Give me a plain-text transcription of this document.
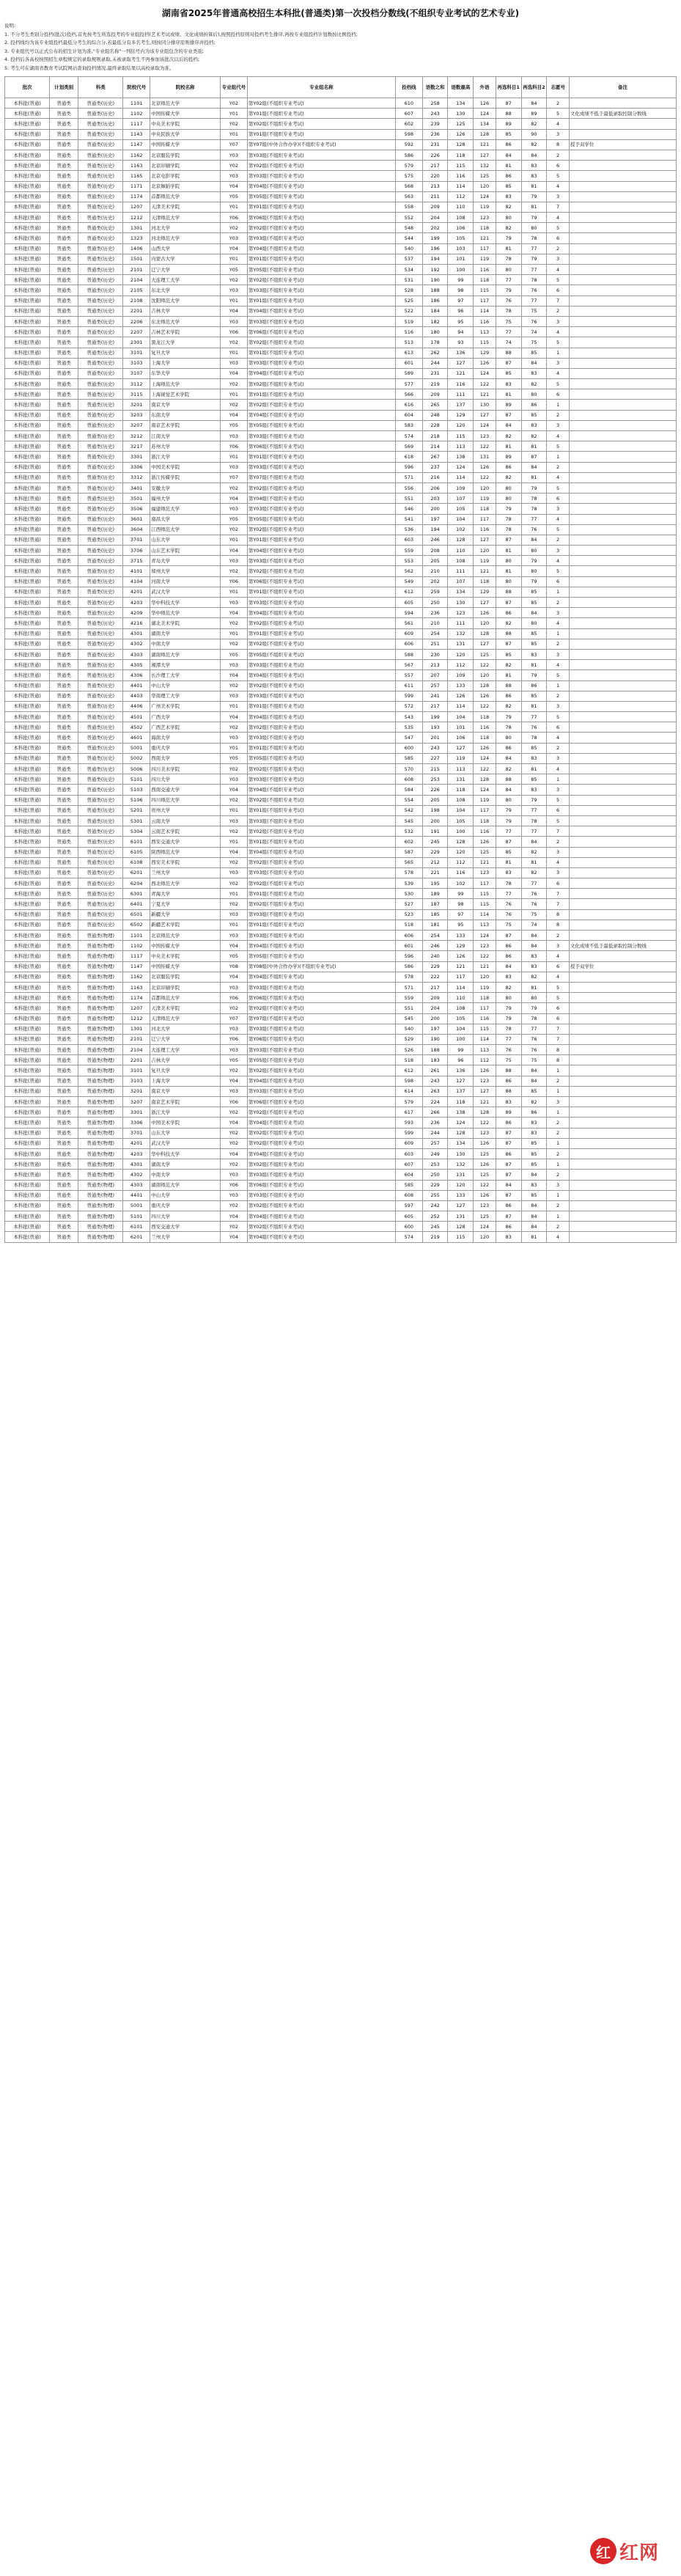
湖南省2025年普通高校招生本科批(普通类)第一次投档分数线(不组织专业考试的艺术专业)
说明：
1. 不分考生类别分投档(批次)投档,首先按考生所选投考的专业组投档(艺术考试成绩、文化成绩折算后),按照投档原则对投档考生排序,再按专业组投档计划数按比例投档;
2. 投档线均为该专业组投档最低分考生的综合分,若最低分有多名考生,则按同分排序原则排序并投档;
3. 专业组代号以正式公布的招生计划为准,"专业组名称"一列括号内为该专业组包含的专业类别;
4. 投档后各高校按照招生章程规定的录取规则录取,未被录取考生不再参加该批次以后的投档;
5. 考生可在湖南省教育考试院网站查询投档情况,最终录取结果以高校录取为准。
批次	计划类别	科类	院校代号	院校名称	专业组代号	专业组名称	投档线	语数之和	语数最高	外语	再选科目1	再选科目2	志愿号	备注
本科批(普通)	普通类	普通类(历史)	1101	北京师范大学	Y02	第Y02组(不组织专业考试)	610	258	134	126	87	84	2	
本科批(普通)	普通类	普通类(历史)	1102	中国传媒大学	Y01	第Y01组(不组织专业考试)	607	243	130	124	88	89	5	文化成绩不低于最低录取控制分数线
本科批(普通)	普通类	普通类(历史)	1117	中央美术学院	Y02	第Y02组(不组织专业考试)	602	239	125	134	89	82	4	
本科批(普通)	普通类	普通类(历史)	1143	中央民族大学	Y01	第Y01组(不组织专业考试)	598	236	126	128	85	90	3	
本科批(普通)	普通类	普通类(历史)	1147	中国传媒大学	Y07	第Y07组(中外合作办学)(不组织专业考试)	592	231	128	121	86	82	8	授予双学位
本科批(普通)	普通类	普通类(历史)	1162	北京服装学院	Y03	第Y03组(不组织专业考试)	586	226	118	127	84	84	2	
本科批(普通)	普通类	普通类(历史)	1163	北京印刷学院	Y02	第Y02组(不组织专业考试)	579	217	115	132	81	83	6	
本科批(普通)	普通类	普通类(历史)	1165	北京电影学院	Y03	第Y03组(不组织专业考试)	575	220	116	125	86	83	5	
本科批(普通)	普通类	普通类(历史)	1171	北京舞蹈学院	Y04	第Y04组(不组织专业考试)	568	213	114	120	85	81	4	
本科批(普通)	普通类	普通类(历史)	1174	首都师范大学	Y05	第Y05组(不组织专业考试)	563	211	112	124	83	79	3	
本科批(普通)	普通类	普通类(历史)	1207	天津美术学院	Y01	第Y01组(不组织专业考试)	558	209	110	119	82	81	7	
本科批(普通)	普通类	普通类(历史)	1212	天津师范大学	Y06	第Y06组(不组织专业考试)	552	204	108	123	80	79	4	
本科批(普通)	普通类	普通类(历史)	1301	河北大学	Y02	第Y02组(不组织专业考试)	548	202	106	118	82	80	5	
本科批(普通)	普通类	普通类(历史)	1323	河北师范大学	Y03	第Y03组(不组织专业考试)	544	199	105	121	79	78	6	
本科批(普通)	普通类	普通类(历史)	1406	山西大学	Y04	第Y04组(不组织专业考试)	540	196	103	117	81	77	2	
本科批(普通)	普通类	普通类(历史)	1501	内蒙古大学	Y01	第Y01组(不组织专业考试)	537	194	101	119	78	79	3	
本科批(普通)	普通类	普通类(历史)	2101	辽宁大学	Y05	第Y05组(不组织专业考试)	534	192	100	116	80	77	4	
本科批(普通)	普通类	普通类(历史)	2104	大连理工大学	Y02	第Y02组(不组织专业考试)	531	190	99	118	77	78	5	
本科批(普通)	普通类	普通类(历史)	2105	东北大学	Y03	第Y03组(不组织专业考试)	528	188	98	115	79	76	6	
本科批(普通)	普通类	普通类(历史)	2108	沈阳师范大学	Y01	第Y01组(不组织专业考试)	525	186	97	117	76	77	7	
本科批(普通)	普通类	普通类(历史)	2201	吉林大学	Y04	第Y04组(不组织专业考试)	522	184	96	114	78	75	2	
本科批(普通)	普通类	普通类(历史)	2206	东北师范大学	Y03	第Y03组(不组织专业考试)	519	182	95	116	75	76	3	
本科批(普通)	普通类	普通类(历史)	2207	吉林艺术学院	Y06	第Y06组(不组织专业考试)	516	180	94	113	77	74	4	
本科批(普通)	普通类	普通类(历史)	2301	黑龙江大学	Y02	第Y02组(不组织专业考试)	513	178	93	115	74	75	5	
本科批(普通)	普通类	普通类(历史)	3101	复旦大学	Y01	第Y01组(不组织专业考试)	613	262	136	129	88	85	1	
本科批(普通)	普通类	普通类(历史)	3103	上海大学	Y03	第Y03组(不组织专业考试)	601	244	127	126	87	84	3	
本科批(普通)	普通类	普通类(历史)	3107	东华大学	Y04	第Y04组(不组织专业考试)	589	231	121	124	85	83	4	
本科批(普通)	普通类	普通类(历史)	3112	上海师范大学	Y02	第Y02组(不组织专业考试)	577	219	116	122	83	82	5	
本科批(普通)	普通类	普通类(历史)	3115	上海视觉艺术学院	Y01	第Y01组(不组织专业考试)	566	209	111	121	81	80	6	
本科批(普通)	普通类	普通类(历史)	3201	南京大学	Y02	第Y02组(不组织专业考试)	616	265	137	130	89	86	1	
本科批(普通)	普通类	普通类(历史)	3203	东南大学	Y04	第Y04组(不组织专业考试)	604	248	129	127	87	85	2	
本科批(普通)	普通类	普通类(历史)	3207	南京艺术学院	Y05	第Y05组(不组织专业考试)	583	228	120	124	84	83	3	
本科批(普通)	普通类	普通类(历史)	3212	江南大学	Y03	第Y03组(不组织专业考试)	574	218	115	123	82	82	4	
本科批(普通)	普通类	普通类(历史)	3217	苏州大学	Y06	第Y06组(不组织专业考试)	569	214	113	122	81	81	5	
本科批(普通)	普通类	普通类(历史)	3301	浙江大学	Y01	第Y01组(不组织专业考试)	618	267	138	131	89	87	1	
本科批(普通)	普通类	普通类(历史)	3306	中国美术学院	Y03	第Y03组(不组织专业考试)	596	237	124	126	86	84	2	
本科批(普通)	普通类	普通类(历史)	3312	浙江传媒学院	Y07	第Y07组(不组织专业考试)	571	216	114	122	82	81	4	
本科批(普通)	普通类	普通类(历史)	3401	安徽大学	Y02	第Y02组(不组织专业考试)	556	206	109	120	80	79	5	
本科批(普通)	普通类	普通类(历史)	3501	福州大学	Y04	第Y04组(不组织专业考试)	551	203	107	119	80	78	6	
本科批(普通)	普通类	普通类(历史)	3506	福建师范大学	Y03	第Y03组(不组织专业考试)	546	200	105	118	79	78	3	
本科批(普通)	普通类	普通类(历史)	3601	南昌大学	Y05	第Y05组(不组织专业考试)	541	197	104	117	78	77	4	
本科批(普通)	普通类	普通类(历史)	3604	江西师范大学	Y02	第Y02组(不组织专业考试)	536	194	102	116	78	76	5	
本科批(普通)	普通类	普通类(历史)	3701	山东大学	Y01	第Y01组(不组织专业考试)	603	246	128	127	87	84	2	
本科批(普通)	普通类	普通类(历史)	3706	山东艺术学院	Y04	第Y04组(不组织专业考试)	559	208	110	120	81	80	3	
本科批(普通)	普通类	普通类(历史)	3715	青岛大学	Y03	第Y03组(不组织专业考试)	553	205	108	119	80	79	4	
本科批(普通)	普通类	普通类(历史)	4101	郑州大学	Y02	第Y02组(不组织专业考试)	562	210	111	121	81	80	5	
本科批(普通)	普通类	普通类(历史)	4104	河南大学	Y06	第Y06组(不组织专业考试)	549	202	107	118	80	79	6	
本科批(普通)	普通类	普通类(历史)	4201	武汉大学	Y01	第Y01组(不组织专业考试)	612	259	134	129	88	85	1	
本科批(普通)	普通类	普通类(历史)	4203	华中科技大学	Y03	第Y03组(不组织专业考试)	605	250	130	127	87	85	2	
本科批(普通)	普通类	普通类(历史)	4209	华中师范大学	Y04	第Y04组(不组织专业考试)	594	236	123	126	86	84	3	
本科批(普通)	普通类	普通类(历史)	4216	湖北美术学院	Y02	第Y02组(不组织专业考试)	561	210	111	120	82	80	4	
本科批(普通)	普通类	普通类(历史)	4301	湖南大学	Y01	第Y01组(不组织专业考试)	609	254	132	128	88	85	1	
本科批(普通)	普通类	普通类(历史)	4302	中南大学	Y02	第Y02组(不组织专业考试)	606	251	131	127	87	85	2	
本科批(普通)	普通类	普通类(历史)	4303	湖南师范大学	Y05	第Y05组(不组织专业考试)	588	230	120	125	85	83	3	
本科批(普通)	普通类	普通类(历史)	4305	湘潭大学	Y03	第Y03组(不组织专业考试)	567	213	112	122	82	81	4	
本科批(普通)	普通类	普通类(历史)	4306	长沙理工大学	Y04	第Y04组(不组织专业考试)	557	207	109	120	81	79	5	
本科批(普通)	普通类	普通类(历史)	4401	中山大学	Y02	第Y02组(不组织专业考试)	611	257	133	128	88	86	1	
本科批(普通)	普通类	普通类(历史)	4403	华南理工大学	Y03	第Y03组(不组织专业考试)	599	241	126	126	86	85	2	
本科批(普通)	普通类	普通类(历史)	4406	广州美术学院	Y01	第Y01组(不组织专业考试)	572	217	114	122	82	81	3	
本科批(普通)	普通类	普通类(历史)	4501	广西大学	Y04	第Y04组(不组织专业考试)	543	199	104	118	79	77	5	
本科批(普通)	普通类	普通类(历史)	4502	广西艺术学院	Y02	第Y02组(不组织专业考试)	535	193	101	116	78	76	6	
本科批(普通)	普通类	普通类(历史)	4601	海南大学	Y03	第Y03组(不组织专业考试)	547	201	106	118	80	78	4	
本科批(普通)	普通类	普通类(历史)	5001	重庆大学	Y01	第Y01组(不组织专业考试)	600	243	127	126	86	85	2	
本科批(普通)	普通类	普通类(历史)	5002	西南大学	Y05	第Y05组(不组织专业考试)	585	227	119	124	84	83	3	
本科批(普通)	普通类	普通类(历史)	5006	四川美术学院	Y02	第Y02组(不组织专业考试)	570	215	113	122	82	81	4	
本科批(普通)	普通类	普通类(历史)	5101	四川大学	Y03	第Y03组(不组织专业考试)	608	253	131	128	88	85	1	
本科批(普通)	普通类	普通类(历史)	5103	西南交通大学	Y04	第Y04组(不组织专业考试)	584	226	118	124	84	83	3	
本科批(普通)	普通类	普通类(历史)	5106	四川师范大学	Y02	第Y02组(不组织专业考试)	554	205	108	119	80	79	5	
本科批(普通)	普通类	普通类(历史)	5201	贵州大学	Y01	第Y01组(不组织专业考试)	542	198	104	117	79	77	6	
本科批(普通)	普通类	普通类(历史)	5301	云南大学	Y03	第Y03组(不组织专业考试)	545	200	105	118	79	78	5	
本科批(普通)	普通类	普通类(历史)	5304	云南艺术学院	Y02	第Y02组(不组织专业考试)	532	191	100	116	77	77	7	
本科批(普通)	普通类	普通类(历史)	6101	西安交通大学	Y01	第Y01组(不组织专业考试)	602	245	128	126	87	84	2	
本科批(普通)	普通类	普通类(历史)	6105	陕西师范大学	Y04	第Y04组(不组织专业考试)	587	229	120	125	85	82	3	
本科批(普通)	普通类	普通类(历史)	6108	西安美术学院	Y02	第Y02组(不组织专业考试)	565	212	112	121	81	81	4	
本科批(普通)	普通类	普通类(历史)	6201	兰州大学	Y03	第Y03组(不组织专业考试)	578	221	116	123	83	82	3	
本科批(普通)	普通类	普通类(历史)	6204	西北师范大学	Y02	第Y02组(不组织专业考试)	539	195	102	117	78	77	6	
本科批(普通)	普通类	普通类(历史)	6301	青海大学	Y01	第Y01组(不组织专业考试)	530	189	99	115	77	76	7	
本科批(普通)	普通类	普通类(历史)	6401	宁夏大学	Y02	第Y02组(不组织专业考试)	527	187	98	115	76	76	7	
本科批(普通)	普通类	普通类(历史)	6501	新疆大学	Y03	第Y03组(不组织专业考试)	523	185	97	114	76	75	8	
本科批(普通)	普通类	普通类(历史)	6502	新疆艺术学院	Y01	第Y01组(不组织专业考试)	518	181	95	113	75	74	8	
本科批(普通)	普通类	普通类(物理)	1101	北京师范大学	Y03	第Y03组(不组织专业考试)	606	254	133	124	87	84	2	
本科批(普通)	普通类	普通类(物理)	1102	中国传媒大学	Y04	第Y04组(不组织专业考试)	601	246	129	123	86	84	3	文化成绩不低于最低录取控制分数线
本科批(普通)	普通类	普通类(物理)	1117	中央美术学院	Y05	第Y05组(不组织专业考试)	596	240	126	122	86	83	4	
本科批(普通)	普通类	普通类(物理)	1147	中国传媒大学	Y08	第Y08组(中外合作办学)(不组织专业考试)	586	229	121	121	84	83	6	授予双学位
本科批(普通)	普通类	普通类(物理)	1162	北京服装学院	Y04	第Y04组(不组织专业考试)	578	222	117	120	83	82	4	
本科批(普通)	普通类	普通类(物理)	1163	北京印刷学院	Y03	第Y03组(不组织专业考试)	571	217	114	119	82	81	5	
本科批(普通)	普通类	普通类(物理)	1174	首都师范大学	Y06	第Y06组(不组织专业考试)	559	209	110	118	80	80	5	
本科批(普通)	普通类	普通类(物理)	1207	天津美术学院	Y02	第Y02组(不组织专业考试)	551	204	108	117	79	79	6	
本科批(普通)	普通类	普通类(物理)	1212	天津师范大学	Y07	第Y07组(不组织专业考试)	545	200	105	116	79	78	6	
本科批(普通)	普通类	普通类(物理)	1301	河北大学	Y03	第Y03组(不组织专业考试)	540	197	104	115	78	77	7	
本科批(普通)	普通类	普通类(物理)	2101	辽宁大学	Y06	第Y06组(不组织专业考试)	529	190	100	114	77	76	7	
本科批(普通)	普通类	普通类(物理)	2104	大连理工大学	Y03	第Y03组(不组织专业考试)	526	188	99	113	76	76	8	
本科批(普通)	普通类	普通类(物理)	2201	吉林大学	Y05	第Y05组(不组织专业考试)	518	183	96	112	75	75	8	
本科批(普通)	普通类	普通类(物理)	3101	复旦大学	Y02	第Y02组(不组织专业考试)	612	261	136	126	88	84	1	
本科批(普通)	普通类	普通类(物理)	3103	上海大学	Y04	第Y04组(不组织专业考试)	598	243	127	123	86	84	2	
本科批(普通)	普通类	普通类(物理)	3201	南京大学	Y03	第Y03组(不组织专业考试)	614	263	137	127	88	85	1	
本科批(普通)	普通类	普通类(物理)	3207	南京艺术学院	Y06	第Y06组(不组织专业考试)	579	224	118	121	83	82	3	
本科批(普通)	普通类	普通类(物理)	3301	浙江大学	Y02	第Y02组(不组织专业考试)	617	266	138	128	89	86	1	
本科批(普通)	普通类	普通类(物理)	3306	中国美术学院	Y04	第Y04组(不组织专业考试)	593	236	124	122	86	83	2	
本科批(普通)	普通类	普通类(物理)	3701	山东大学	Y02	第Y02组(不组织专业考试)	599	244	128	123	87	83	2	
本科批(普通)	普通类	普通类(物理)	4201	武汉大学	Y02	第Y02组(不组织专业考试)	609	257	134	126	87	85	1	
本科批(普通)	普通类	普通类(物理)	4203	华中科技大学	Y04	第Y04组(不组织专业考试)	603	249	130	125	86	85	2	
本科批(普通)	普通类	普通类(物理)	4301	湖南大学	Y02	第Y02组(不组织专业考试)	607	253	132	126	87	85	1	
本科批(普通)	普通类	普通类(物理)	4302	中南大学	Y03	第Y03组(不组织专业考试)	604	250	131	125	87	84	2	
本科批(普通)	普通类	普通类(物理)	4303	湖南师范大学	Y06	第Y06组(不组织专业考试)	585	229	120	122	84	83	3	
本科批(普通)	普通类	普通类(物理)	4401	中山大学	Y03	第Y03组(不组织专业考试)	608	255	133	126	87	85	1	
本科批(普通)	普通类	普通类(物理)	5001	重庆大学	Y02	第Y02组(不组织专业考试)	597	242	127	123	86	84	2	
本科批(普通)	普通类	普通类(物理)	5101	四川大学	Y04	第Y04组(不组织专业考试)	605	252	131	125	87	84	1	
本科批(普通)	普通类	普通类(物理)	6101	西安交通大学	Y02	第Y02组(不组织专业考试)	600	245	128	124	86	84	2	
本科批(普通)	普通类	普通类(物理)	6201	兰州大学	Y04	第Y04组(不组织专业考试)	574	219	115	120	83	81	4	
红 红网
